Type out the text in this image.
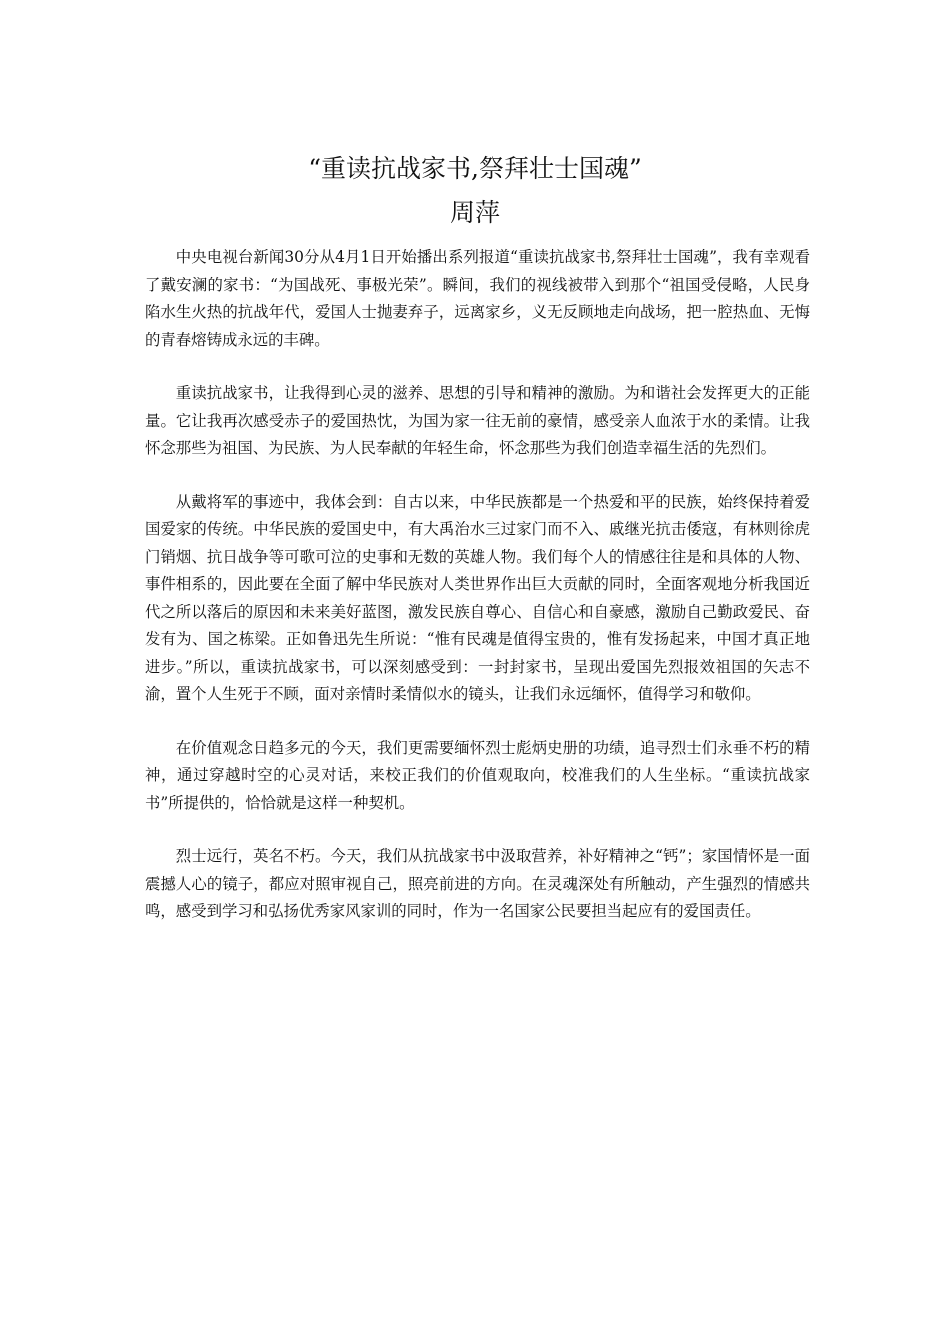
“重读抗战家书,祭拜壮士国魂”
周萍

中央电视台新闻30分从4月1日开始播出系列报道“重读抗战家书,祭拜壮士国魂”，我有幸观看了戴安澜的家书：“为国战死、事极光荣”。瞬间，我们的视线被带入到那个“祖国受侵略，人民身陷水生火热的抗战年代，爱国人士抛妻弃子，远离家乡，义无反顾地走向战场，把一腔热血、无悔的青春熔铸成永远的丰碑。

重读抗战家书，让我得到心灵的滋养、思想的引导和精神的激励。为和谐社会发挥更大的正能量。它让我再次感受赤子的爱国热忱，为国为家一往无前的豪情，感受亲人血浓于水的柔情。让我怀念那些为祖国、为民族、为人民奉献的年轻生命，怀念那些为我们创造幸福生活的先烈们。

从戴将军的事迹中，我体会到：自古以来，中华民族都是一个热爱和平的民族，始终保持着爱国爱家的传统。中华民族的爱国史中，有大禹治水三过家门而不入、戚继光抗击倭寇，有林则徐虎门销烟、抗日战争等可歌可泣的史事和无数的英雄人物。我们每个人的情感往往是和具体的人物、事件相系的，因此要在全面了解中华民族对人类世界作出巨大贡献的同时，全面客观地分析我国近代之所以落后的原因和未来美好蓝图，激发民族自尊心、自信心和自豪感，激励自己勤政爱民、奋发有为、国之栋梁。正如鲁迅先生所说：“惟有民魂是值得宝贵的，惟有发扬起来，中国才真正地进步。”所以，重读抗战家书，可以深刻感受到：一封封家书，呈现出爱国先烈报效祖国的矢志不渝，置个人生死于不顾，面对亲情时柔情似水的镜头，让我们永远缅怀，值得学习和敬仰。

在价值观念日趋多元的今天，我们更需要缅怀烈士彪炳史册的功绩，追寻烈士们永垂不朽的精神，通过穿越时空的心灵对话，来校正我们的价值观取向，校准我们的人生坐标。“重读抗战家书”所提供的，恰恰就是这样一种契机。

烈士远行，英名不朽。今天，我们从抗战家书中汲取营养，补好精神之“钙”；家国情怀是一面震撼人心的镜子，都应对照审视自己，照亮前进的方向。在灵魂深处有所触动，产生强烈的情感共鸣，感受到学习和弘扬优秀家风家训的同时，作为一名国家公民要担当起应有的爱国责任。
